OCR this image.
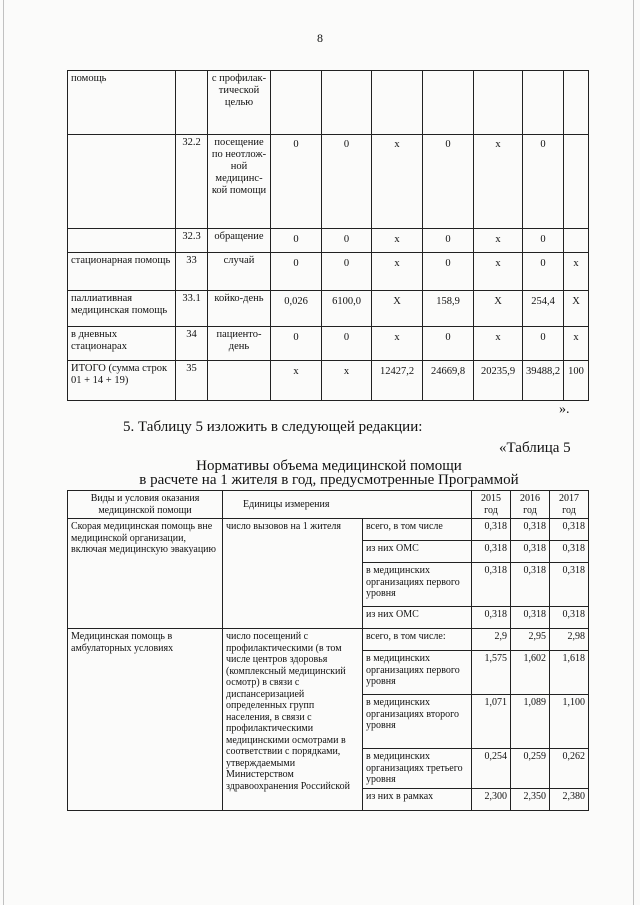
8
помощь		с профилак-тической целью							
	32.2	посещение по неотлож-ной медицинс-кой помощи	0	0	х	0	х	0	
	32.3	обращение	0	0	х	0	х	0	
стационарная помощь	33	случай	0	0	х	0	х	0	х
паллиативная медицинская помощь	33.1	койко-день	0,026	6100,0	Х	158,9	Х	254,4	Х
в дневных стационарах	34	пациенто-день	0	0	х	0	х	0	х
ИТОГО (сумма строк 01 + 14 + 19)	35		х	х	12427,2	24669,8	20235,9	39488,2	100
».
5. Таблицу 5 изложить в следующей редакции:
«Таблица 5
Нормативы объема медицинской помощи
в расчете на 1 жителя в год, предусмотренные Программой
Виды и условия оказания медицинской помощи	Единицы измерения		2015 год	2016 год	2017 год
Скорая медицинская помощь вне медицинской организации, включая медицинскую эвакуацию	число вызовов на 1 жителя	всего, в том числе	0,318	0,318	0,318
		из них ОМС	0,318	0,318	0,318
		в медицинских организациях первого уровня	0,318	0,318	0,318
		из них ОМС	0,318	0,318	0,318
Медицинская помощь в амбулаторных условиях	число посещений с профилактическими (в том числе центров здоровья (комплексный медицинский осмотр) в связи с диспансеризацией определенных групп населения, в связи с профилактическими медицинскими осмотрами в соответствии с порядками, утверждаемыми Министерством здравоохранения Российской	всего, в том числе:	2,9	2,95	2,98
		в медицинских организациях первого уровня	1,575	1,602	1,618
		в медицинских организациях второго уровня	1,071	1,089	1,100
		в медицинских организациях третьего уровня	0,254	0,259	0,262
		из них в рамках	2,300	2,350	2,380
